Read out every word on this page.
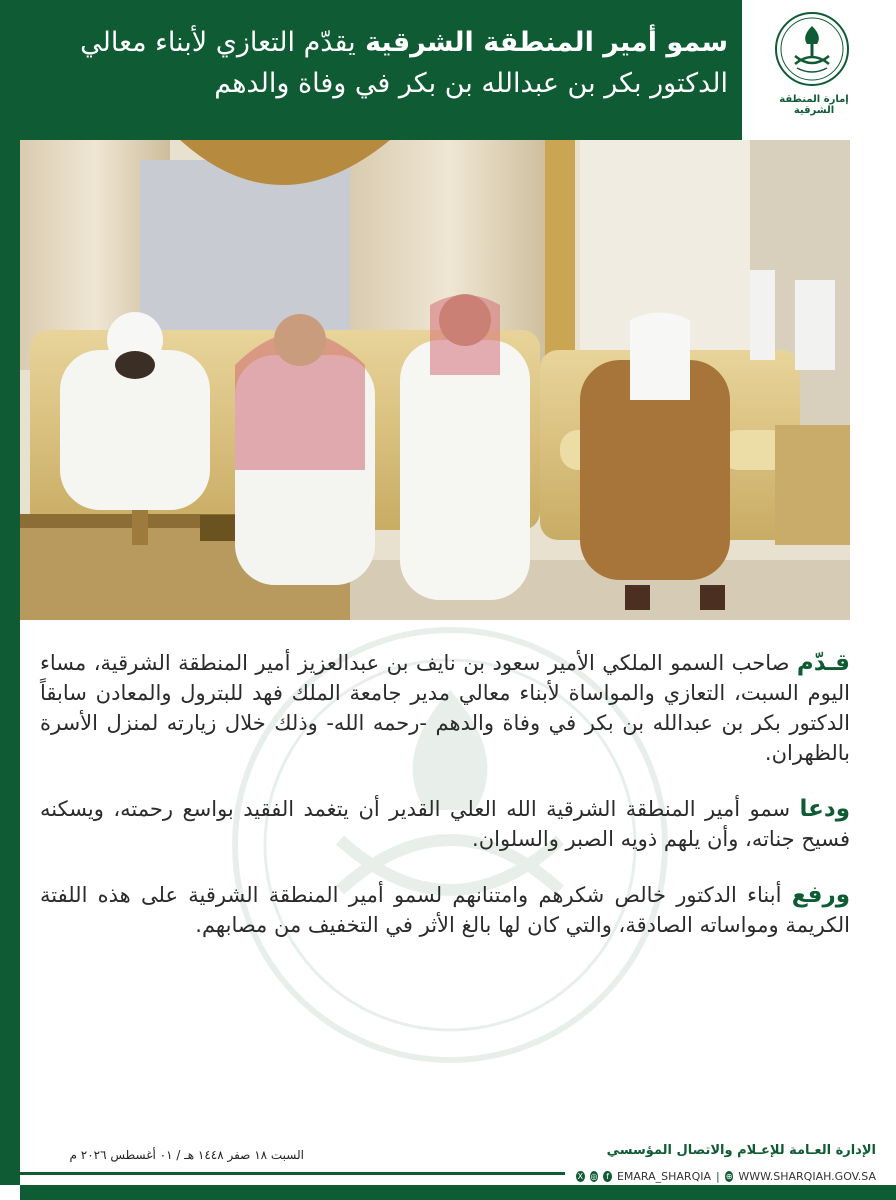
سمو أمير المنطقة الشرقية يقدّم التعازي لأبناء معالي
الدكتور بكر بن عبدالله بن بكر في وفاة والدهم
إمارة المنطقة الشرقية

قـدّم صاحب السمو الملكي الأمير سعود بن نايف بن عبدالعزيز أمير المنطقة الشرقية، مساء اليوم السبت، التعازي والمواساة لأبناء معالي مدير جامعة الملك فهد للبترول والمعادن سابقاً الدكتور بكر بن عبدالله بن بكر في وفاة والدهم -رحمه الله- وذلك خلال زيارته لمنزل الأسرة بالظهران.

ودعا سمو أمير المنطقة الشرقية الله العلي القدير أن يتغمد الفقيد بواسع رحمته، ويسكنه فسيح جناته، وأن يلهم ذويه الصبر والسلوان.

ورفع أبناء الدكتور خالص شكرهم وامتنانهم لسمو أمير المنطقة الشرقية على هذه اللفتة الكريمة ومواساته الصادقة، والتي كان لها بالغ الأثر في التخفيف من مصابهم.

السبت ١٨ صفر ١٤٤٨ هـ / ٠١ أغسطس ٢٠٢٦ م	الإدارة العـامة للإعـلام والاتصال المؤسسي
X ◎	f EMARA_SHARQIA | ⊕ WWW.SHARQIAH.GOV.SA
